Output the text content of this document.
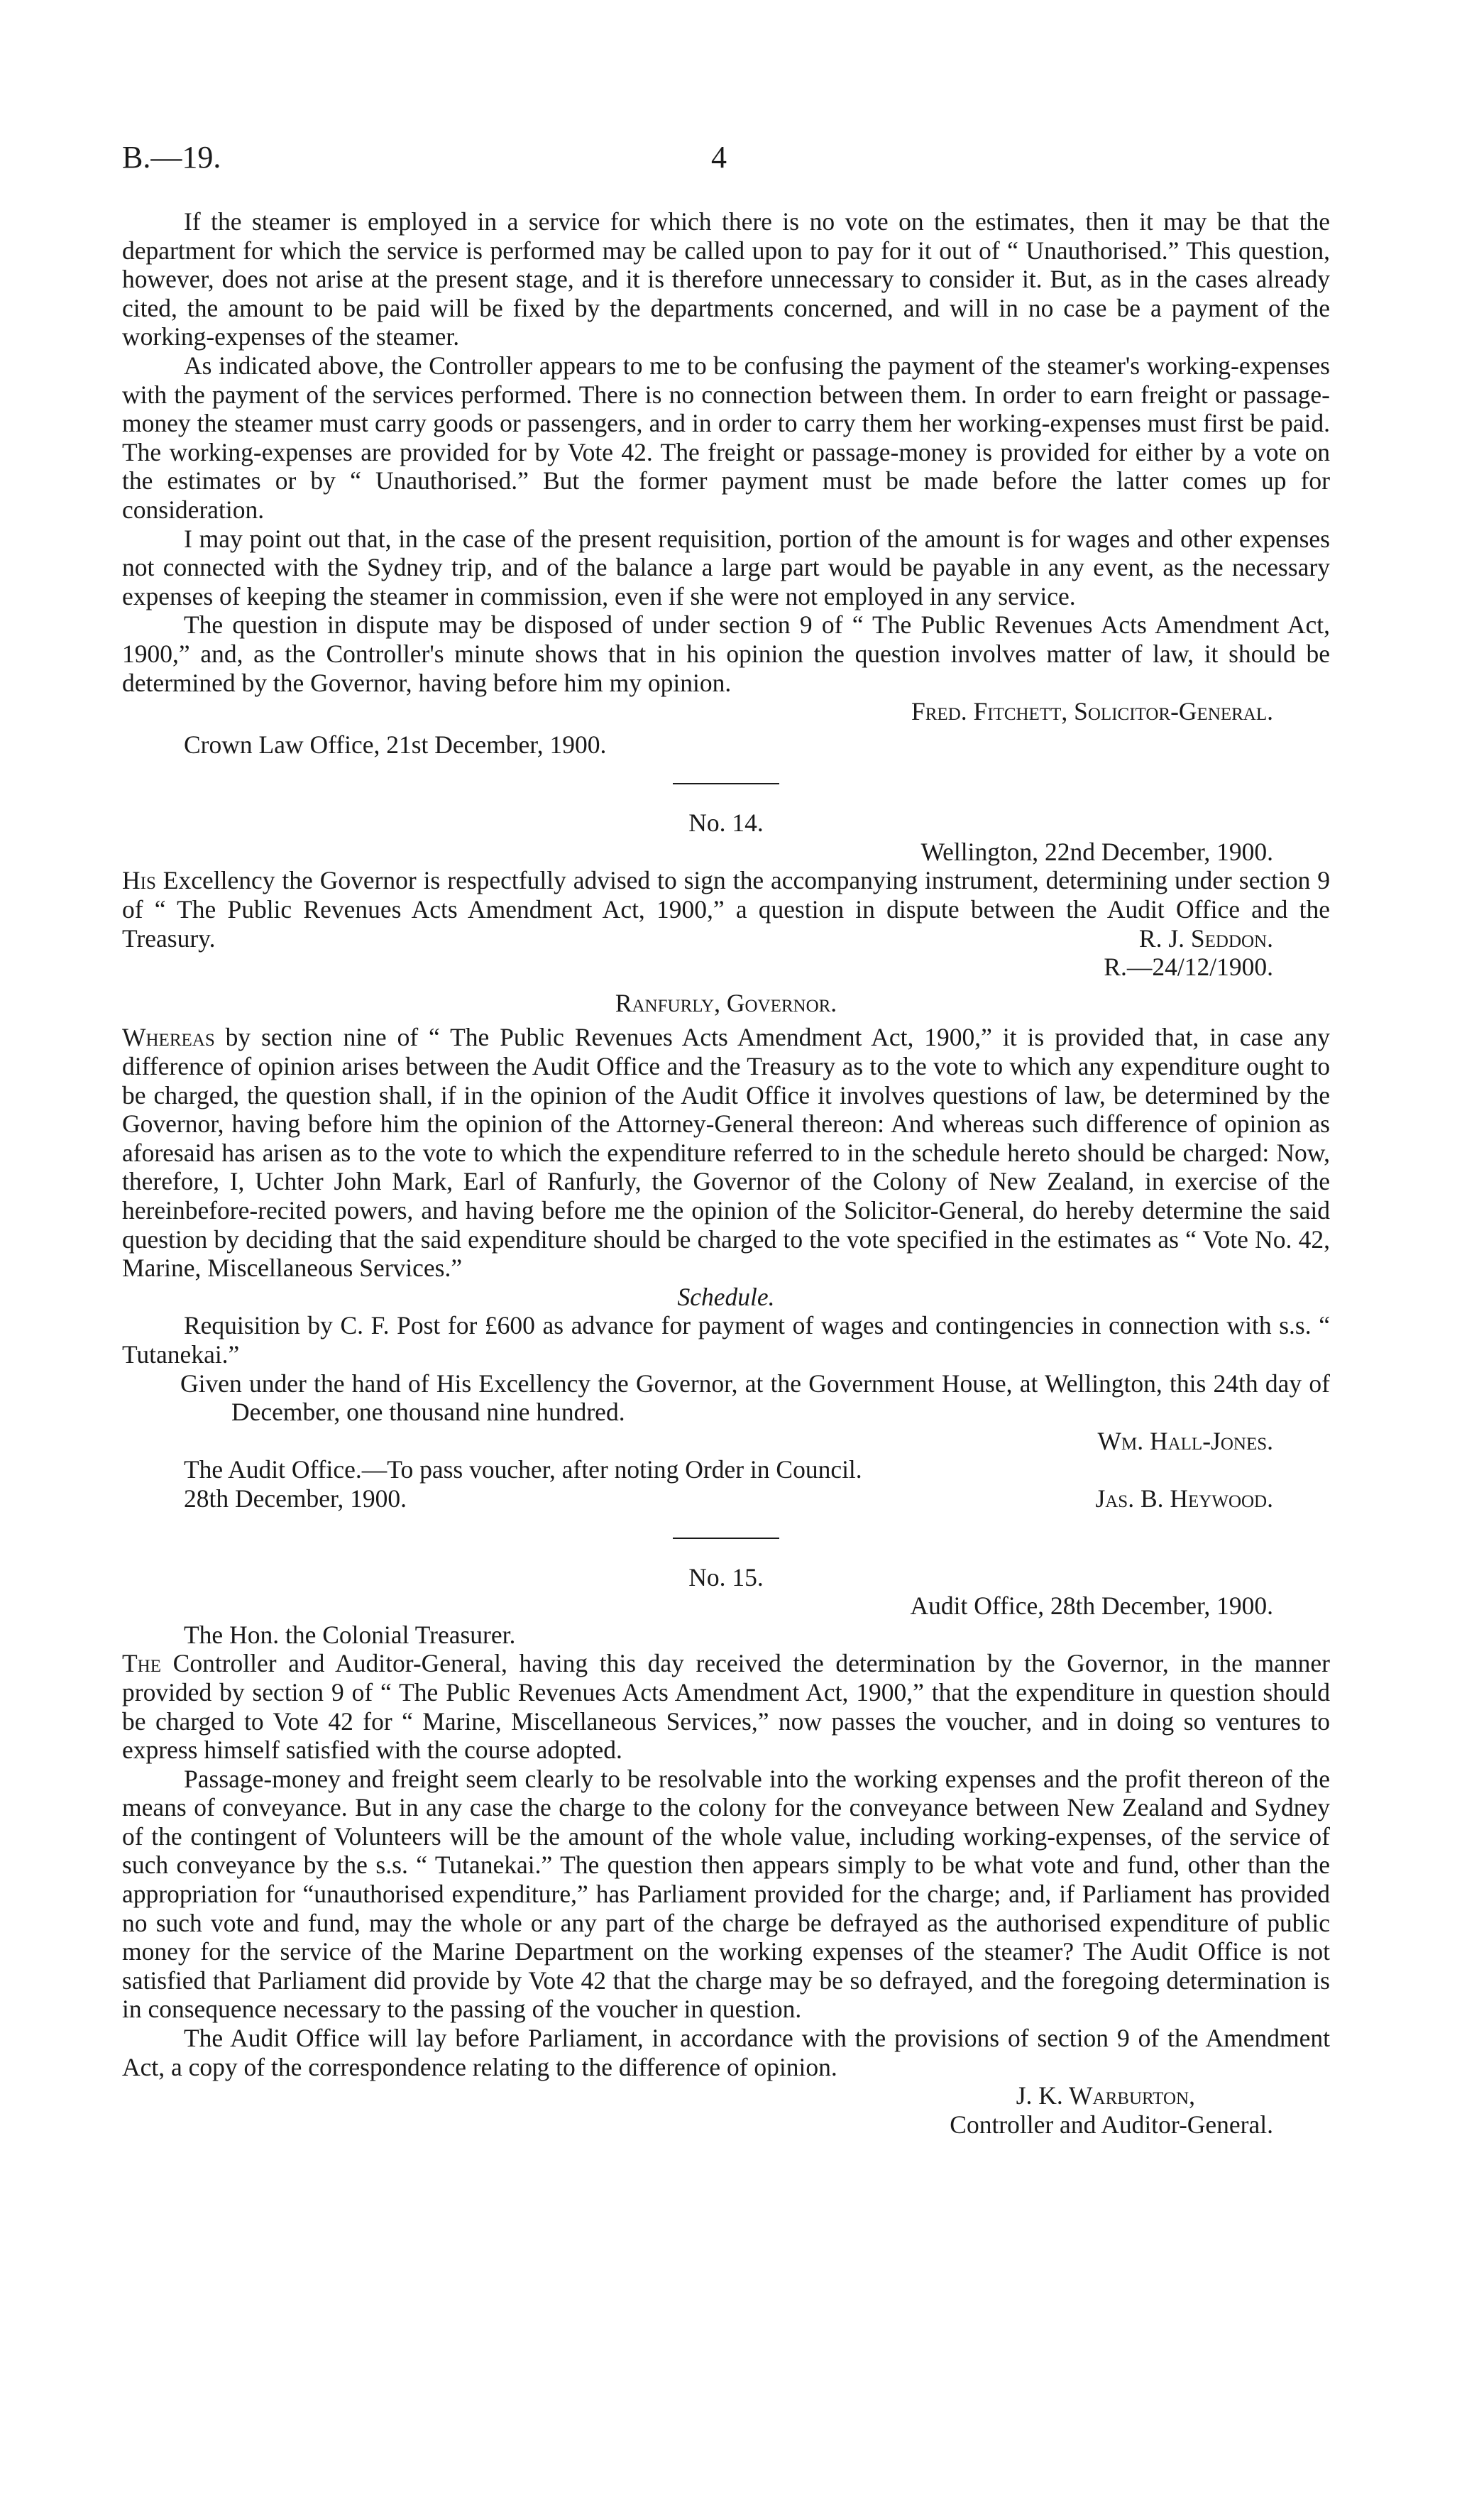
B.—19.	4

If the steamer is employed in a service for which there is no vote on the estimates, then it may be that the department for which the service is performed may be called upon to pay for it out of “ Unauthorised.” This question, however, does not arise at the present stage, and it is therefore unnecessary to consider it. But, as in the cases already cited, the amount to be paid will be fixed by the departments concerned, and will in no case be a payment of the working-expenses of the steamer.

As indicated above, the Controller appears to me to be confusing the payment of the steamer's working-expenses with the payment of the services performed. There is no connection between them. In order to earn freight or passage-money the steamer must carry goods or passengers, and in order to carry them her working-expenses must first be paid. The working-expenses are provided for by Vote 42. The freight or passage-money is provided for either by a vote on the estimates or by “ Unauthorised.” But the former payment must be made before the latter comes up for consideration.

I may point out that, in the case of the present requisition, portion of the amount is for wages and other expenses not connected with the Sydney trip, and of the balance a large part would be payable in any event, as the necessary expenses of keeping the steamer in commission, even if she were not employed in any service.

The question in dispute may be disposed of under section 9 of “ The Public Revenues Acts Amendment Act, 1900,” and, as the Controller's minute shows that in his opinion the question involves matter of law, it should be determined by the Governor, having before him my opinion.

Fred. Fitchett, Solicitor-General.

Crown Law Office, 21st December, 1900.

No. 14.

Wellington, 22nd December, 1900.

His Excellency the Governor is respectfully advised to sign the accompanying instrument, determining under section 9 of “ The Public Revenues Acts Amendment Act, 1900,” a question in dispute between the Audit Office and the Treasury.	R. J. Seddon.

R.—24/12/1900.

Ranfurly, Governor.

Whereas by section nine of “ The Public Revenues Acts Amendment Act, 1900,” it is provided that, in case any difference of opinion arises between the Audit Office and the Treasury as to the vote to which any expenditure ought to be charged, the question shall, if in the opinion of the Audit Office it involves questions of law, be determined by the Governor, having before him the opinion of the Attorney-General thereon: And whereas such difference of opinion as aforesaid has arisen as to the vote to which the expenditure referred to in the schedule hereto should be charged: Now, therefore, I, Uchter John Mark, Earl of Ranfurly, the Governor of the Colony of New Zealand, in exercise of the hereinbefore-recited powers, and having before me the opinion of the Solicitor-General, do hereby determine the said question by deciding that the said expenditure should be charged to the vote specified in the estimates as “ Vote No. 42, Marine, Miscellaneous Services.”

Schedule.

Requisition by C. F. Post for £600 as advance for payment of wages and contingencies in connection with s.s. “ Tutanekai.”

Given under the hand of His Excellency the Governor, at the Government House, at Wellington, this 24th day of December, one thousand nine hundred.

Wm. Hall-Jones.

The Audit Office.—To pass voucher, after noting Order in Council.

28th December, 1900.	Jas. B. Heywood.

No. 15.

Audit Office, 28th December, 1900.

The Hon. the Colonial Treasurer.

The Controller and Auditor-General, having this day received the determination by the Governor, in the manner provided by section 9 of “ The Public Revenues Acts Amendment Act, 1900,” that the expenditure in question should be charged to Vote 42 for “ Marine, Miscellaneous Services,” now passes the voucher, and in doing so ventures to express himself satisfied with the course adopted.

Passage-money and freight seem clearly to be resolvable into the working expenses and the profit thereon of the means of conveyance. But in any case the charge to the colony for the conveyance between New Zealand and Sydney of the contingent of Volunteers will be the amount of the whole value, including working-expenses, of the service of such conveyance by the s.s. “ Tutanekai.” The question then appears simply to be what vote and fund, other than the appropriation for “unauthorised expenditure,” has Parliament provided for the charge; and, if Parliament has provided no such vote and fund, may the whole or any part of the charge be defrayed as the authorised expenditure of public money for the service of the Marine Department on the working expenses of the steamer? The Audit Office is not satisfied that Parliament did provide by Vote 42 that the charge may be so defrayed, and the foregoing determination is in consequence necessary to the passing of the voucher in question.

The Audit Office will lay before Parliament, in accordance with the provisions of section 9 of the Amendment Act, a copy of the correspondence relating to the difference of opinion.

J. K. Warburton,

Controller and Auditor-General.
